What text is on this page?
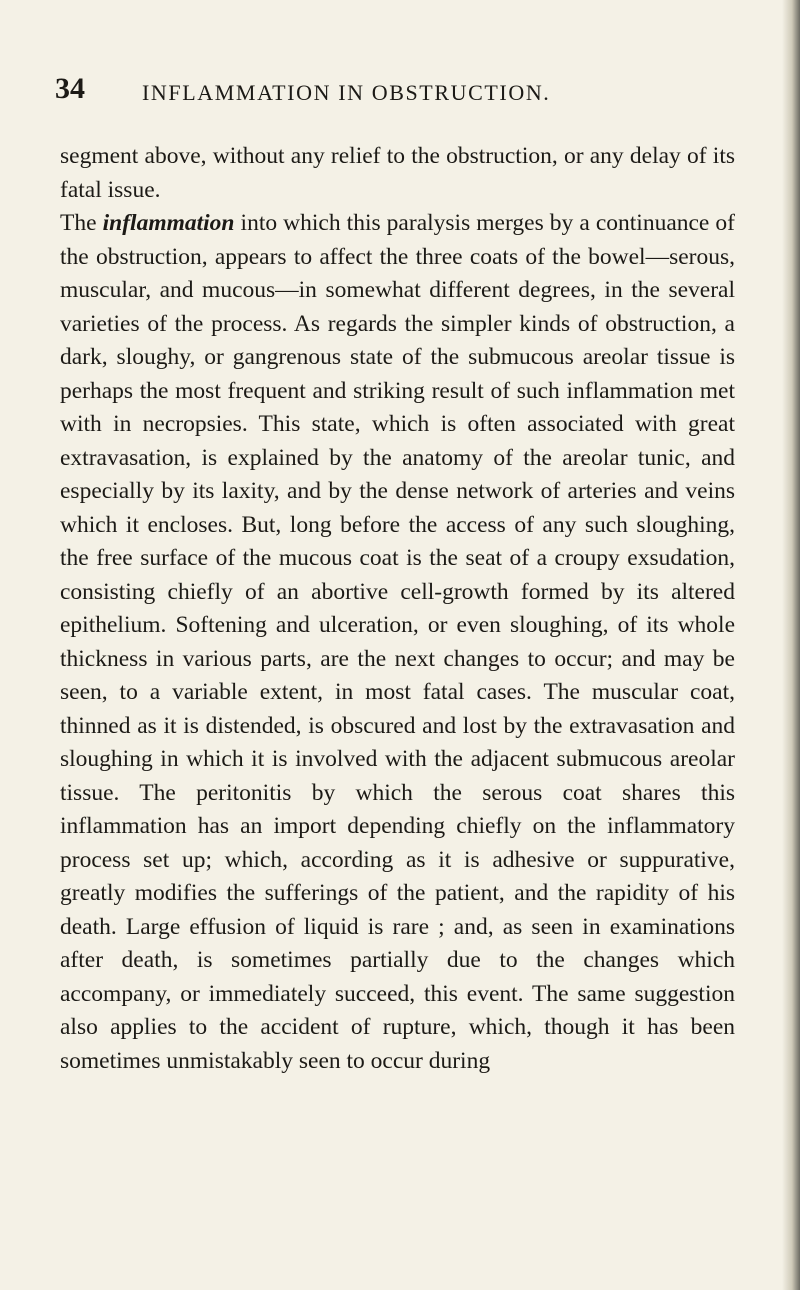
34	INFLAMMATION IN OBSTRUCTION.

segment above, without any relief to the obstruction, or any delay of its fatal issue.

The inflammation into which this paralysis merges by a continuance of the obstruction, appears to affect the three coats of the bowel—serous, muscular, and mucous—in somewhat different degrees, in the several varieties of the process. As regards the simpler kinds of obstruction, a dark, sloughy, or gangrenous state of the submucous areolar tissue is perhaps the most frequent and striking result of such inflammation met with in necropsies. This state, which is often associated with great extravasation, is explained by the anatomy of the areolar tunic, and especially by its laxity, and by the dense network of arteries and veins which it encloses. But, long before the access of any such sloughing, the free surface of the mucous coat is the seat of a croupy exsudation, consisting chiefly of an abortive cell-growth formed by its altered epithelium. Softening and ulceration, or even sloughing, of its whole thickness in various parts, are the next changes to occur; and may be seen, to a variable extent, in most fatal cases. The muscular coat, thinned as it is distended, is obscured and lost by the extravasation and sloughing in which it is involved with the adjacent submucous areolar tissue. The peritonitis by which the serous coat shares this inflammation has an import depending chiefly on the inflammatory process set up; which, according as it is adhesive or suppurative, greatly modifies the sufferings of the patient, and the rapidity of his death. Large effusion of liquid is rare ; and, as seen in examinations after death, is sometimes partially due to the changes which accompany, or immediately succeed, this event. The same suggestion also applies to the accident of rupture, which, though it has been sometimes unmistakably seen to occur during
